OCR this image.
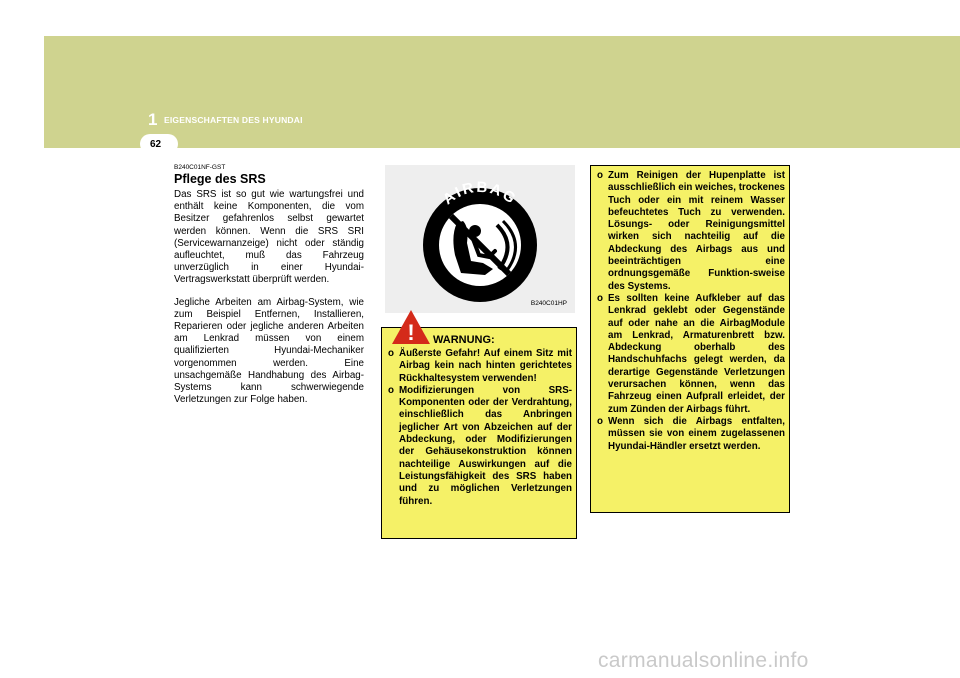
1 EIGENSCHAFTEN DES HYUNDAI
62
B240C01NF-GST
Pflege des SRS

Das SRS ist so gut wie wartungsfrei und enthält keine Komponenten, die vom Besitzer gefahrenlos selbst gewartet werden können. Wenn die SRS SRI (Servicewarnanzeige) nicht oder ständig aufleuchtet, muß das Fahrzeug unverzüglich in einer Hyundai-Vertragswerkstatt überprüft werden.

Jegliche Arbeiten am Airbag-System, wie zum Beispiel Entfernen, Installieren, Reparieren oder jegliche anderen Arbeiten am Lenkrad müssen von einem qualifizierten Hyundai-Mechaniker vorgenommen werden. Eine unsachgemäße Handhabung des Airbag-Systems kann schwerwiegende Verletzungen zur Folge haben.

AIRBAG
B240C01HP
! WARNUNG:
o Äußerste Gefahr! Auf einem Sitz mit Airbag kein nach hinten gerichtetes Rückhaltesystem verwenden!
o Modifizierungen von SRS-Komponenten oder der Verdrahtung, einschließlich das Anbringen jeglicher Art von Abzeichen auf der Abdeckung, oder Modifizierungen der Gehäusekonstruktion können nachteilige Auswirkungen auf die Leistungsfähigkeit des SRS haben und zu möglichen Verletzungen führen.
o Zum Reinigen der Hupenplatte ist ausschließlich ein weiches, trockenes Tuch oder ein mit reinem Wasser befeuchtetes Tuch zu verwenden. Lösungs- oder Reinigungsmittel wirken sich nachteilig auf die Abdeckung des Airbags aus und beeinträchtigen eine ordnungsgemäße Funktion-sweise des Systems.
o Es sollten keine Aufkleber auf das Lenkrad geklebt oder Gegenstände auf oder nahe an die AirbagModule am Lenkrad, Armaturenbrett bzw. Abdeckung oberhalb des Handschuhfachs gelegt werden, da derartige Gegenstände Verletzungen verursachen können, wenn das Fahrzeug einen Aufprall erleidet, der zum Zünden der Airbags führt.
o Wenn sich die Airbags entfalten, müssen sie von einem zugelassenen Hyundai-Händler ersetzt werden.
carmanualsonline.info
